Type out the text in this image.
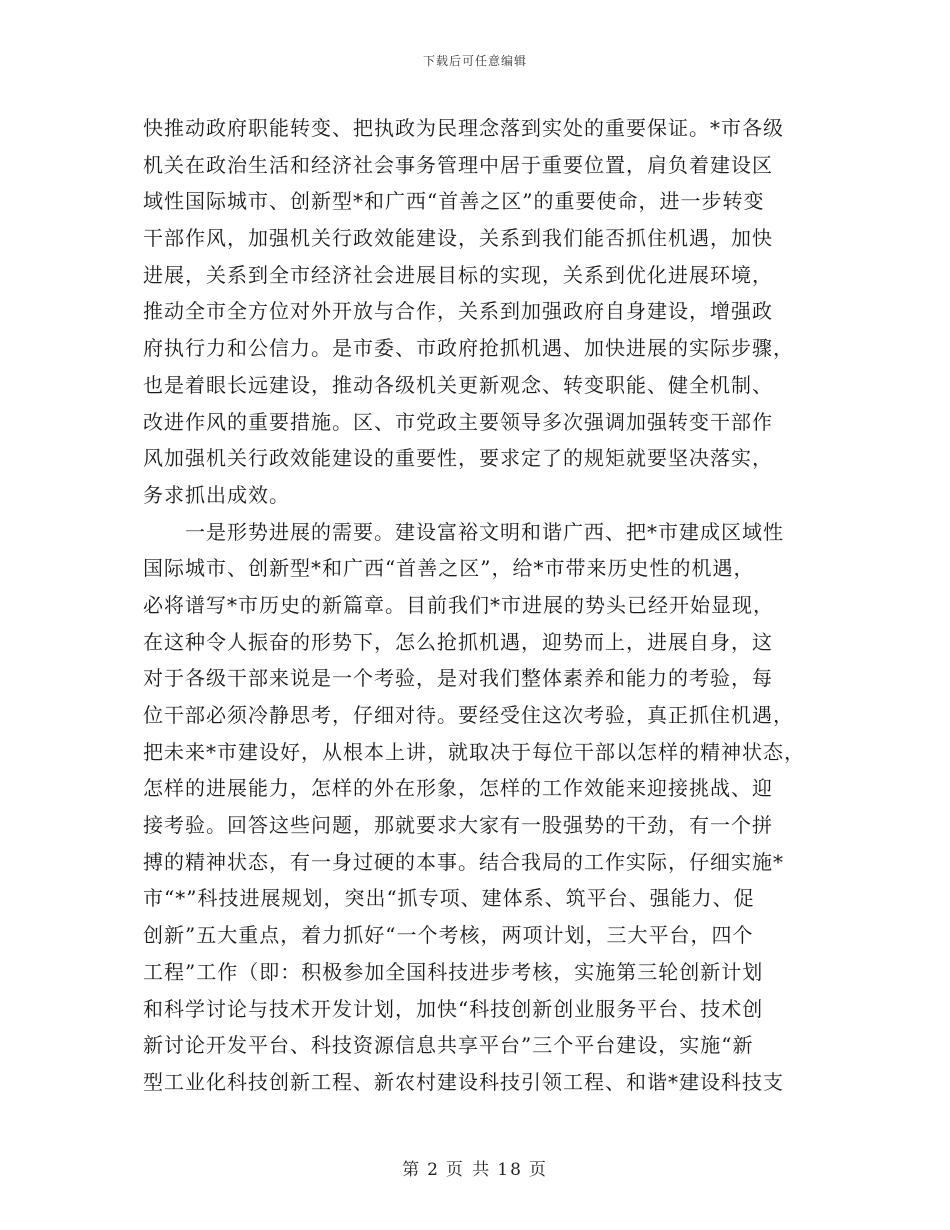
下载后可任意编辑
快推动政府职能转变、把执政为民理念落到实处的重要保证。*市各级
机关在政治生活和经济社会事务管理中居于重要位置，肩负着建设区
域性国际城市、创新型*和广西“首善之区”的重要使命，进一步转变
干部作风，加强机关行政效能建设，关系到我们能否抓住机遇，加快
进展，关系到全市经济社会进展目标的实现，关系到优化进展环境，
推动全市全方位对外开放与合作，关系到加强政府自身建设，增强政
府执行力和公信力。是市委、市政府抢抓机遇、加快进展的实际步骤，
也是着眼长远建设，推动各级机关更新观念、转变职能、健全机制、
改进作风的重要措施。区、市党政主要领导多次强调加强转变干部作
风加强机关行政效能建设的重要性，要求定了的规矩就要坚决落实，
务求抓出成效。
　　一是形势进展的需要。建设富裕文明和谐广西、把*市建成区域性
国际城市、创新型*和广西“首善之区”，给*市带来历史性的机遇，
必将谱写*市历史的新篇章。目前我们*市进展的势头已经开始显现，
在这种令人振奋的形势下，怎么抢抓机遇，迎势而上，进展自身，这
对于各级干部来说是一个考验，是对我们整体素养和能力的考验，每
位干部必须冷静思考，仔细对待。要经受住这次考验，真正抓住机遇，
把未来*市建设好，从根本上讲，就取决于每位干部以怎样的精神状态，
怎样的进展能力，怎样的外在形象，怎样的工作效能来迎接挑战、迎
接考验。回答这些问题，那就要求大家有一股强势的干劲，有一个拼
搏的精神状态，有一身过硬的本事。结合我局的工作实际，仔细实施*
市“*”科技进展规划，突出“抓专项、建体系、筑平台、强能力、促
创新”五大重点，着力抓好“一个考核，两项计划，三大平台，四个
工程”工作（即：积极参加全国科技进步考核，实施第三轮创新计划
和科学讨论与技术开发计划，加快“科技创新创业服务平台、技术创
新讨论开发平台、科技资源信息共享平台”三个平台建设，实施“新
型工业化科技创新工程、新农村建设科技引领工程、和谐*建设科技支
第 2 页 共 18 页
